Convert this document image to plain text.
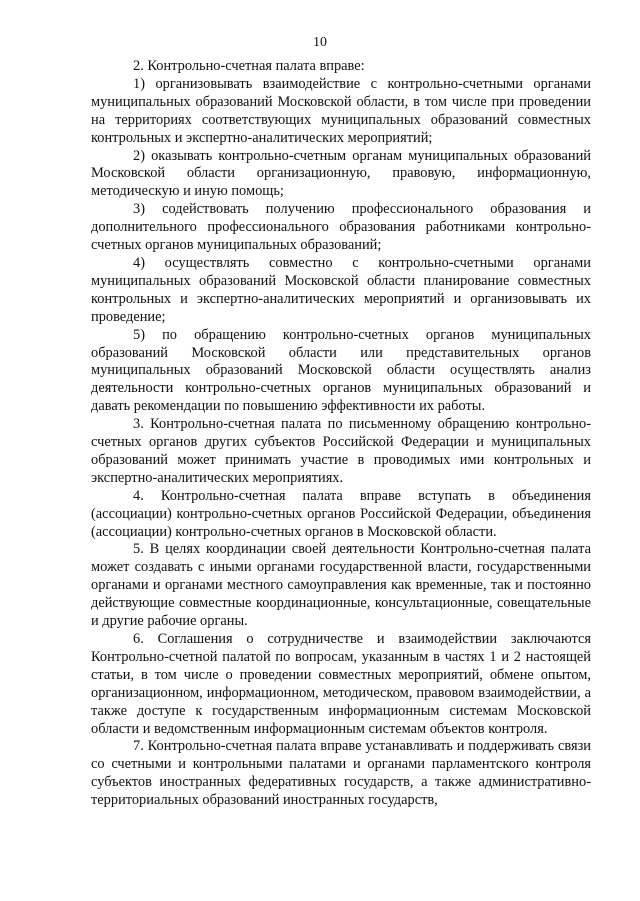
10

2. Контрольно-счетная палата вправе:

1) организовывать взаимодействие с контрольно-счетными органами муниципальных образований Московской области, в том числе при проведении на территориях соответствующих муниципальных образований совместных контрольных и экспертно-аналитических мероприятий;

2) оказывать контрольно-счетным органам муниципальных образований Московской области организационную, правовую, информационную, методическую и иную помощь;

3) содействовать получению профессионального образования и дополнительного профессионального образования работниками контрольно-счетных органов муниципальных образований;

4) осуществлять совместно с контрольно-счетными органами муниципальных образований Московской области планирование совместных контрольных и экспертно-аналитических мероприятий и организовывать их проведение;

5) по обращению контрольно-счетных органов муниципальных образований Московской области или представительных органов муниципальных образований Московской области осуществлять анализ деятельности контрольно-счетных органов муниципальных образований и давать рекомендации по повышению эффективности их работы.

3. Контрольно-счетная палата по письменному обращению контрольно-счетных органов других субъектов Российской Федерации и муниципальных образований может принимать участие в проводимых ими контрольных и экспертно-аналитических мероприятиях.

4. Контрольно-счетная палата вправе вступать в объединения (ассоциации) контрольно-счетных органов Российской Федерации, объединения (ассоциации) контрольно-счетных органов в Московской области.

5. В целях координации своей деятельности Контрольно-счетная палата может создавать с иными органами государственной власти, государственными органами и органами местного самоуправления как временные, так и постоянно действующие совместные координационные, консультационные, совещательные и другие рабочие органы.

6. Соглашения о сотрудничестве и взаимодействии заключаются Контрольно-счетной палатой по вопросам, указанным в частях 1 и 2 настоящей статьи, в том числе о проведении совместных мероприятий, обмене опытом, организационном, информационном, методическом, правовом взаимодействии, а также доступе к государственным информационным системам Московской области и ведомственным информационным системам объектов контроля.

7. Контрольно-счетная палата вправе устанавливать и поддерживать связи со счетными и контрольными палатами и органами парламентского контроля субъектов иностранных федеративных государств, а также административно-территориальных образований иностранных государств,
